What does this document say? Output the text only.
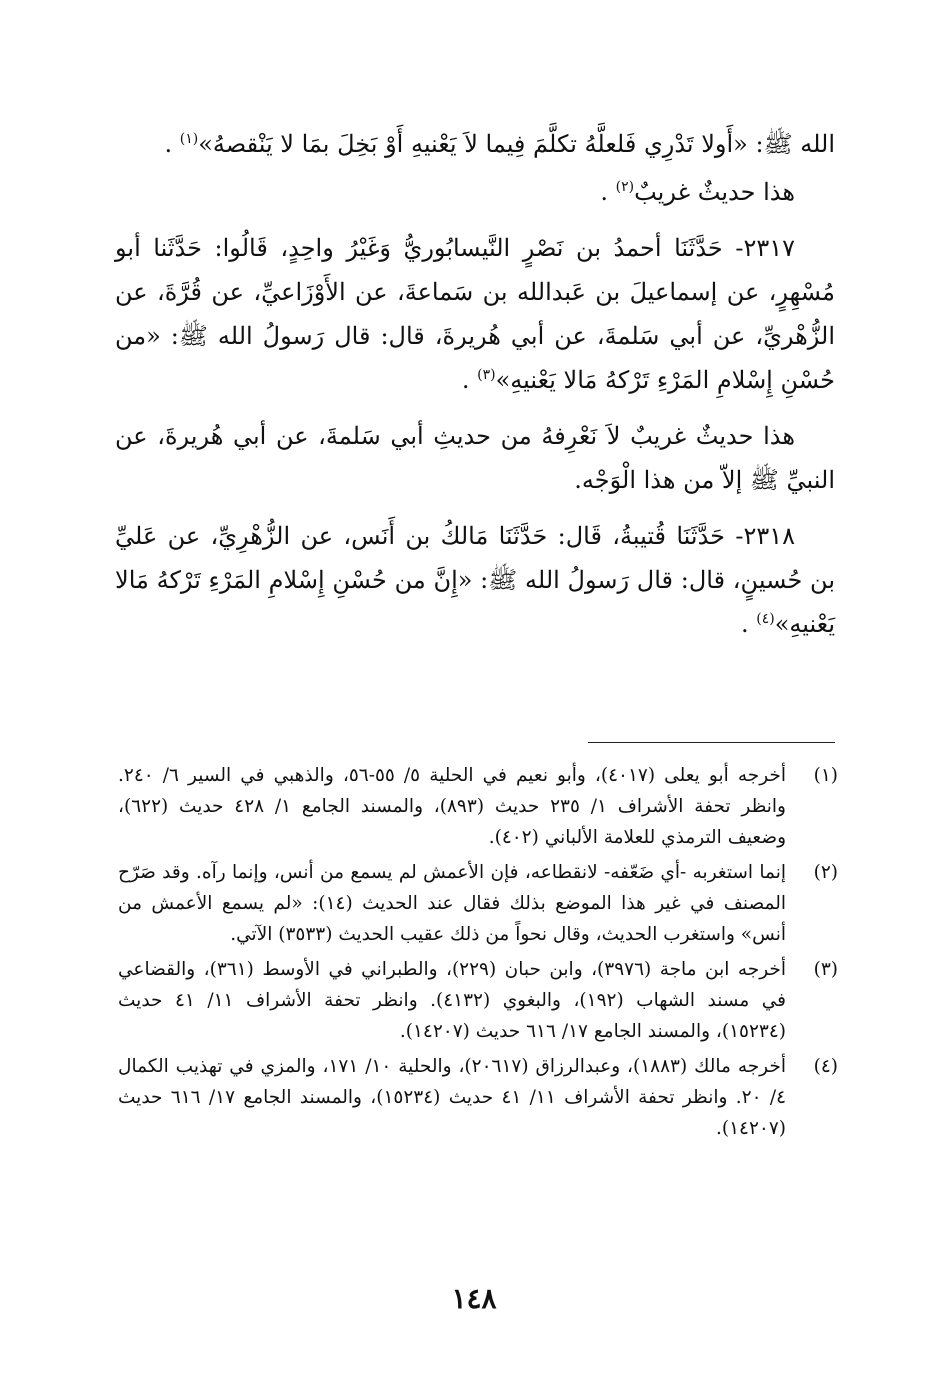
الله ﷺ: «أَولا تَدْرِي فَلعلَّهُ تكلَّمَ فِيما لاَ يَعْنيهِ أَوْ بَخِلَ بمَا لا يَنْقصهُ»$^{(١)}$ .

هذا حديثٌ غريبٌ$^{(٢)}$ .

٢٣١٧- حَدَّثَنَا أحمدُ بن نَصْرٍ النَّيسابُوريُّ وَغَيْرُ واحِدٍ، قَالُوا: حَدَّثَنا أبو مُسْهِرٍ، عن إسماعيلَ بن عَبدالله بن سَماعةَ، عن الأَوْزَاعيِّ، عن قُرَّةَ، عن الزُّهْريِّ، عن أبي سَلمةَ، عن أبي هُريرةَ، قال: قال رَسولُ الله ﷺ: «من حُسْنِ إِسْلامِ المَرْءِ تَرْكهُ مَالا يَعْنيهِ»$^{(٣)}$ .

هذا حديثٌ غريبٌ لاَ نَعْرِفهُ من حديثِ أبي سَلمةَ، عن أبي هُريرةَ، عن النبيِّ ﷺ إلاّ من هذا الْوَجْه.

٢٣١٨- حَدَّثَنَا قُتيبةُ، قَال: حَدَّثَنَا مَالكُ بن أَنَس، عن الزُّهْرِيِّ، عن عَليِّ بن حُسينٍ، قال: قال رَسولُ الله ﷺ: «إِنَّ من حُسْنِ إِسْلامِ المَرْءِ تَرْكهُ مَالا يَعْنيهِ»$^{(٤)}$ .

(١)
أخرجه أبو يعلى (٤٠١٧)، وأبو نعيم في الحلية ٥/ ٥٥-٥٦، والذهبي في السير ٦/ ٢٤٠. وانظر تحفة الأشراف ١/ ٢٣٥ حديث (٨٩٣)، والمسند الجامع ١/ ٤٢٨ حديث (٦٢٢)، وضعيف الترمذي للعلامة الألباني (٤٠٢).
(٢)
إنما استغربه -أي ضَعّفه- لانقطاعه، فإن الأعمش لم يسمع من أنس، وإنما رآه. وقد صَرّح المصنف في غير هذا الموضع بذلك فقال عند الحديث (١٤): «لم يسمع الأعمش من أنس» واستغرب الحديث، وقال نحواً من ذلك عقيب الحديث (٣٥٣٣) الآتي.
(٣)
أخرجه ابن ماجة (٣٩٧٦)، وابن حبان (٢٢٩)، والطبراني في الأوسط (٣٦١)، والقضاعي في مسند الشهاب (١٩٢)، والبغوي (٤١٣٢). وانظر تحفة الأشراف ١١/ ٤١ حديث (١٥٢٣٤)، والمسند الجامع ١٧/ ٦١٦ حديث (١٤٢٠٧).
(٤)
أخرجه مالك (١٨٨٣)، وعبدالرزاق (٢٠٦١٧)، والحلية ١٠/ ١٧١، والمزي في تهذيب الكمال ٤/ ٢٠. وانظر تحفة الأشراف ١١/ ٤١ حديث (١٥٢٣٤)، والمسند الجامع ١٧/ ٦١٦ حديث (١٤٢٠٧).
١٤٨
